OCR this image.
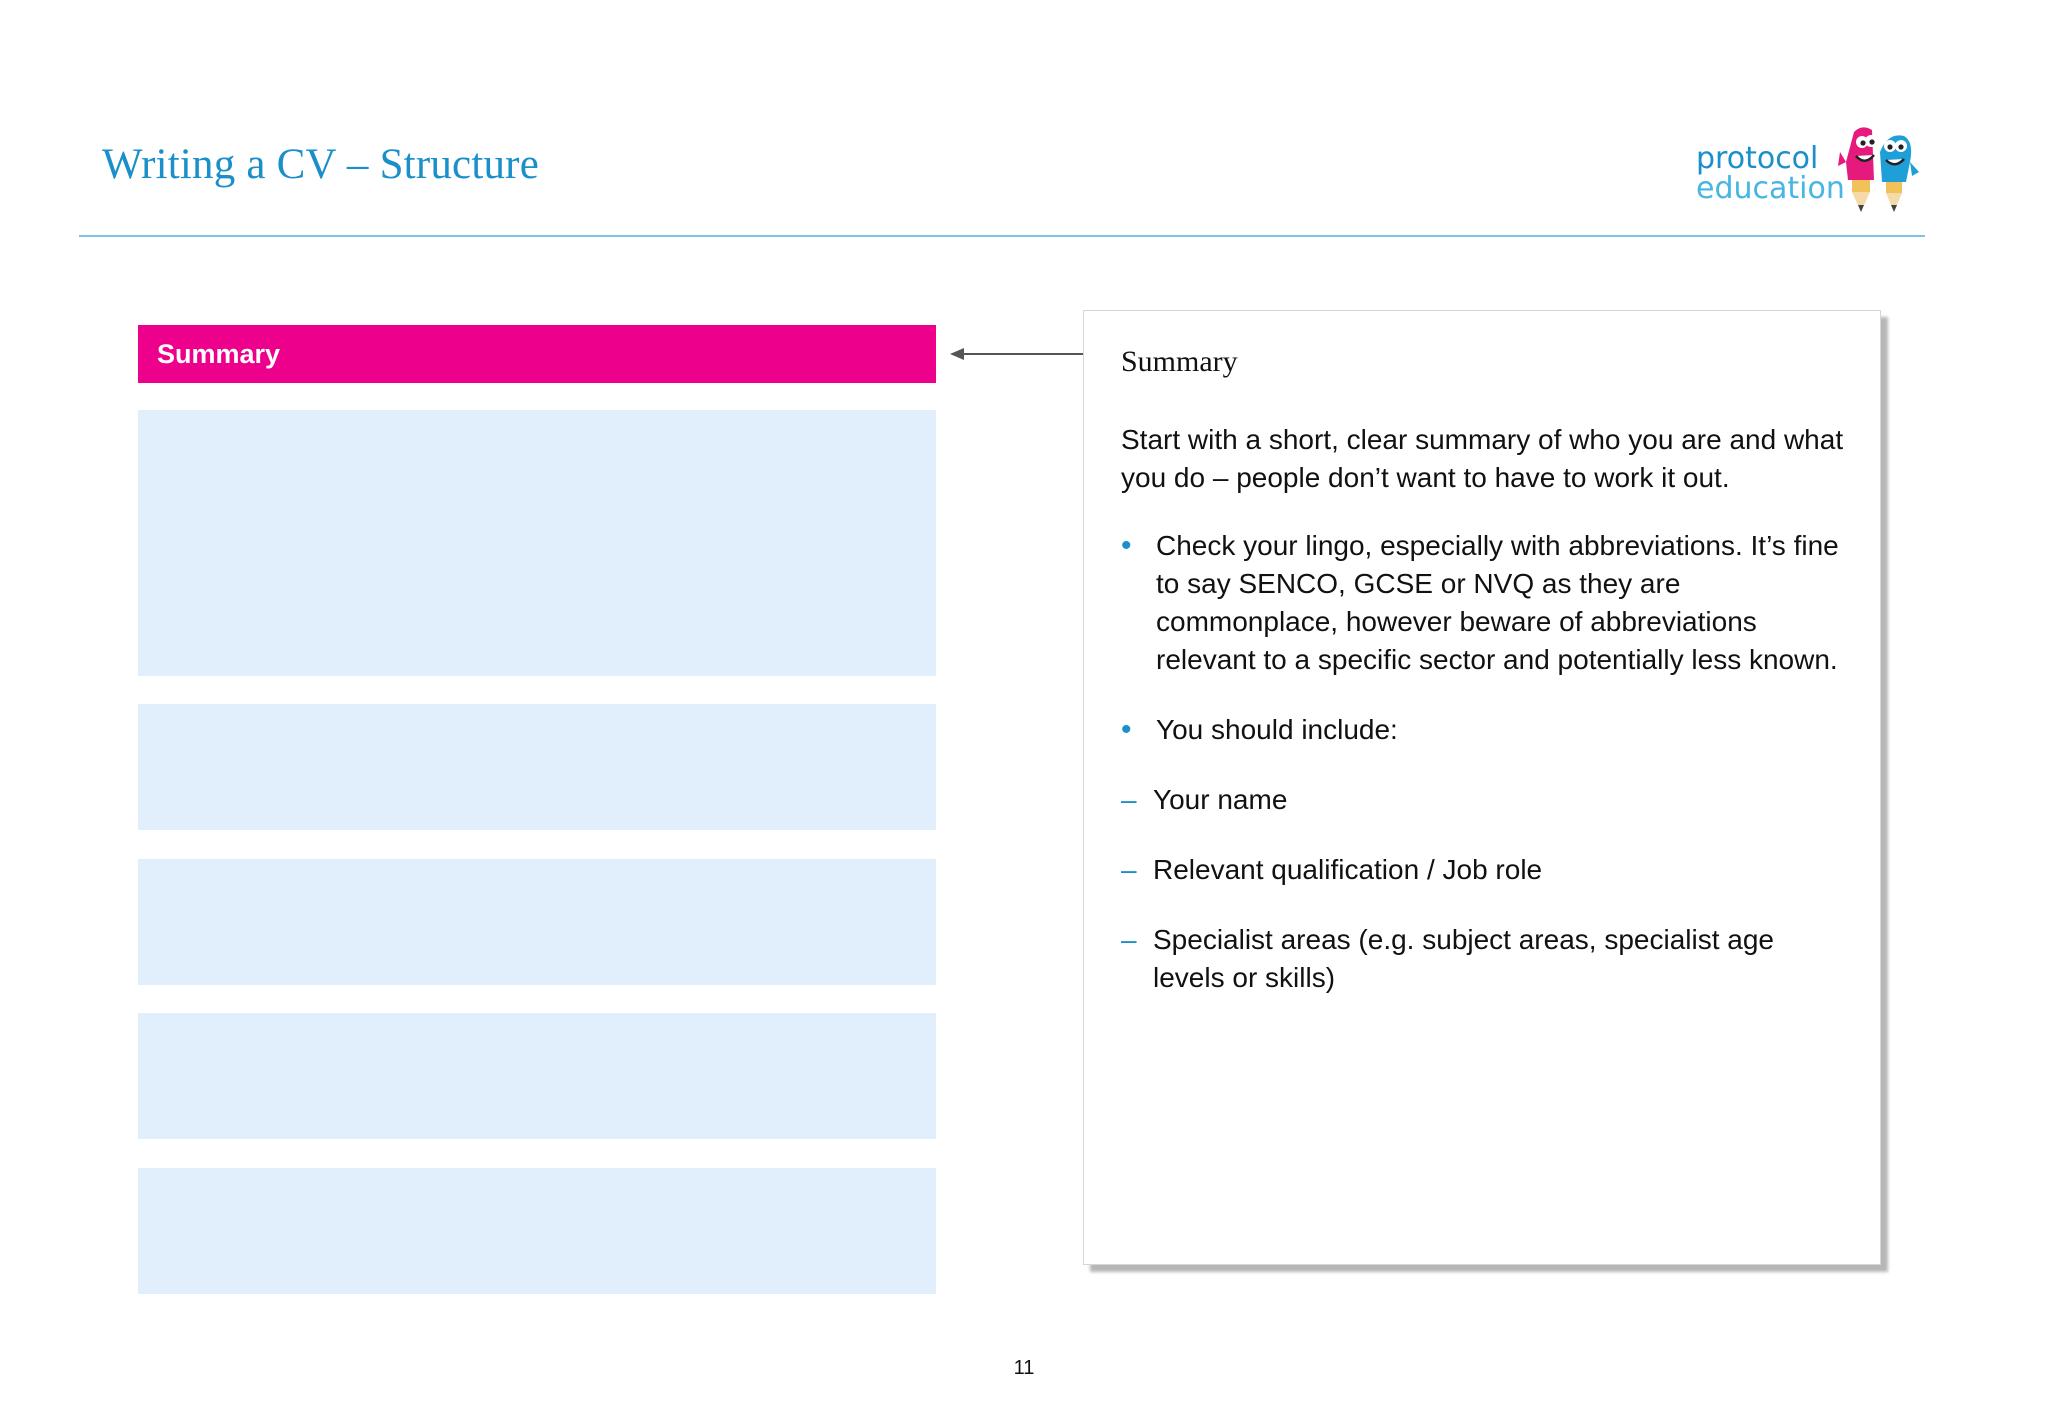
Writing a CV – Structure	protocol
education
Summary	Summary

Start with a short, clear summary of who you are and what you do – people don’t want to have to work it out.

• Check your lingo, especially with abbreviations. It’s fine to say SENCO, GCSE or NVQ as they are commonplace, however beware of abbreviations relevant to a specific sector and potentially less known.
• You should include:
– Your name
– Relevant qualification / Job role
– Specialist areas (e.g. subject areas, specialist age levels or skills)
11
